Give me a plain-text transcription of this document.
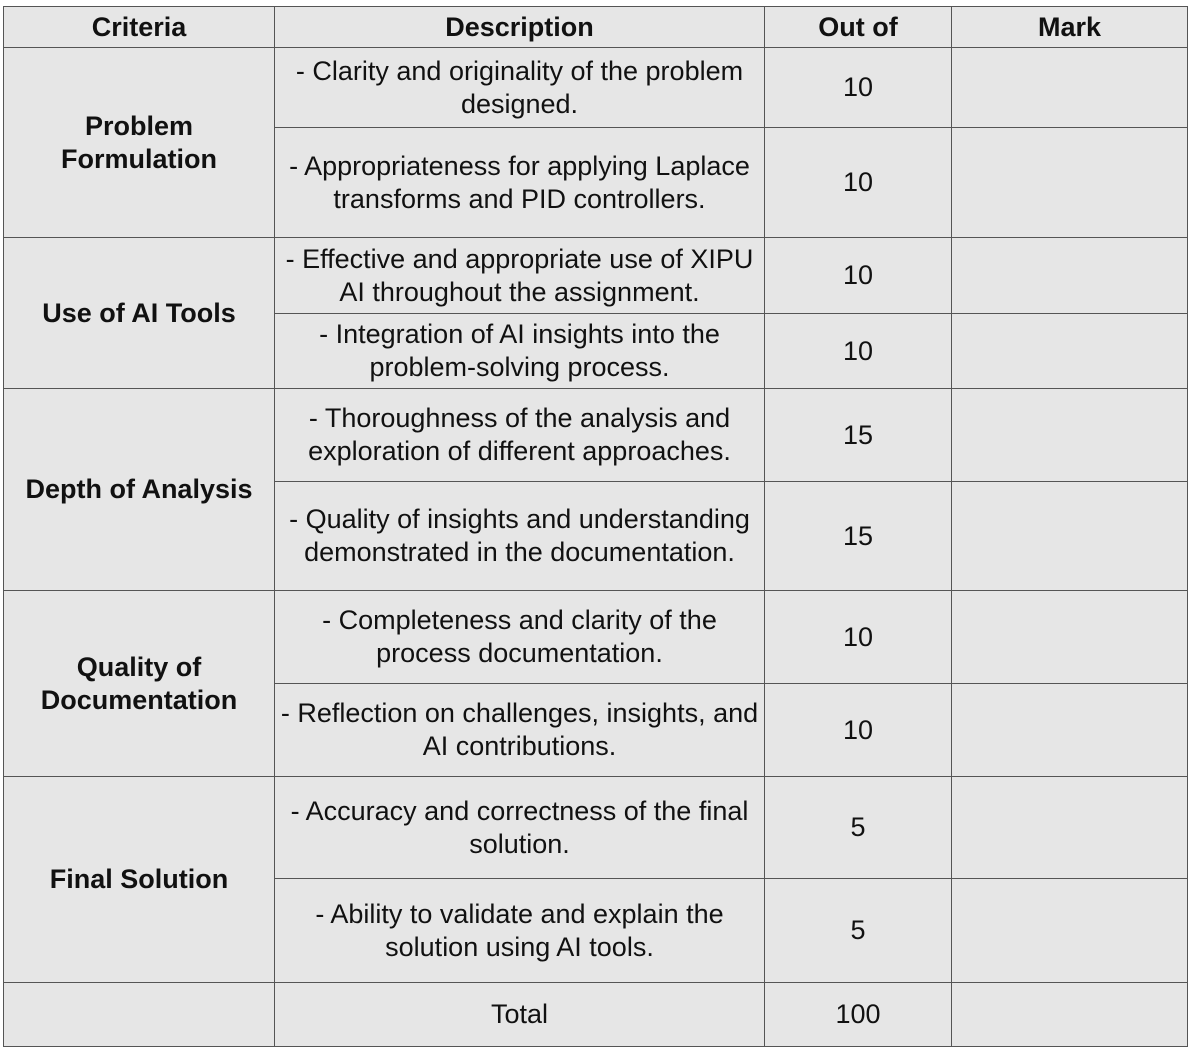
Criteria	Description	Out of	Mark
Problem Formulation	- Clarity and originality of the problem designed.	10	
	- Appropriateness for applying Laplace transforms and PID controllers.	10	
Use of AI Tools	- Effective and appropriate use of XIPU AI throughout the assignment.	10	
	- Integration of AI insights into the problem-solving process.	10	
Depth of Analysis	- Thoroughness of the analysis and exploration of different approaches.	15	
	- Quality of insights and understanding demonstrated in the documentation.	15	
Quality of Documentation	- Completeness and clarity of the process documentation.	10	
	- Reflection on challenges, insights, and AI contributions.	10	
Final Solution	- Accuracy and correctness of the final solution.	5	
	- Ability to validate and explain the solution using AI tools.	5	
	Total	100	
